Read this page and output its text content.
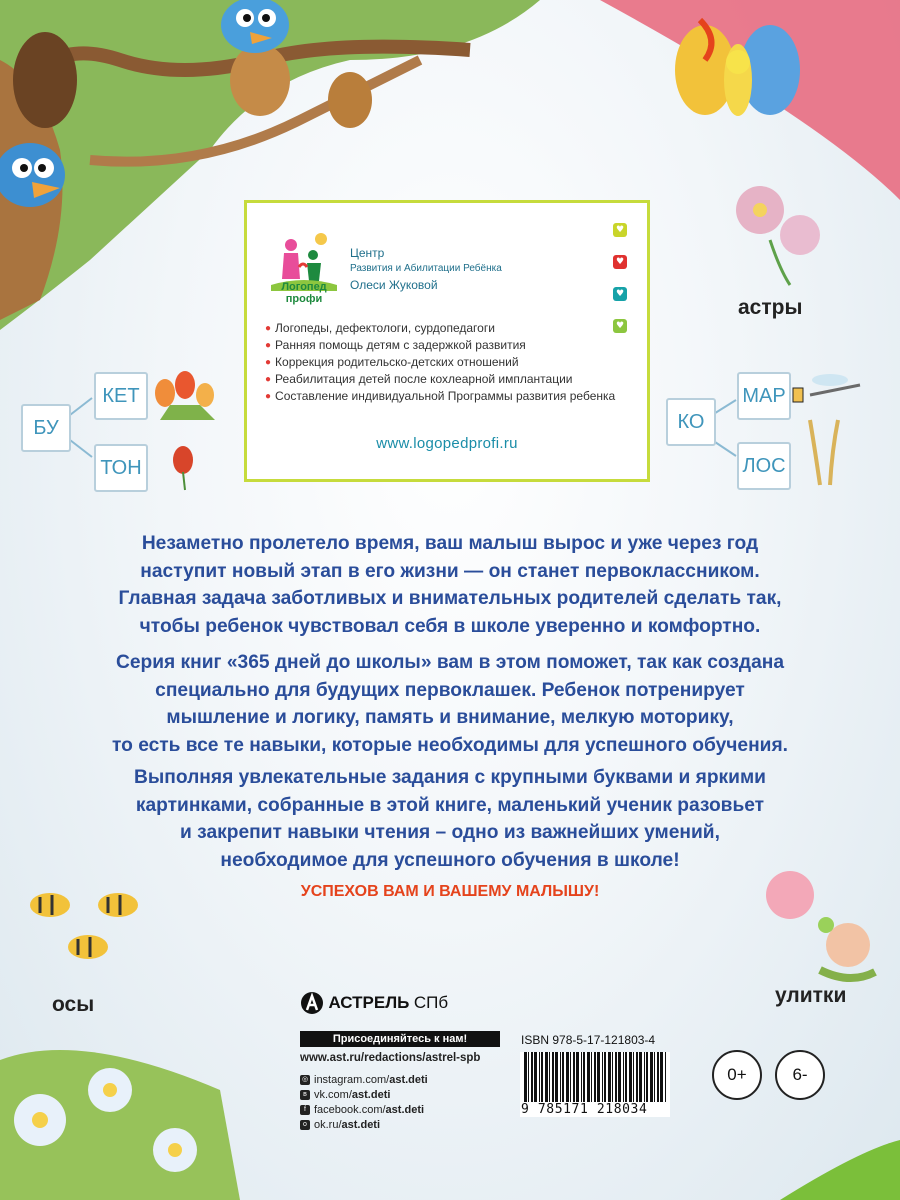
Логопед
профи
Центр
Развития и Абилитации Ребёнка
Олеси Жуковой
♥
♥
♥
♥
● Логопеды, дефектологи, сурдопедагоги
● Ранняя помощь детям с задержкой развития
● Коррекция родительско-детских отношений
● Реабилитация детей после кохлеарной имплантации
● Составление индивидуальной Программы развития ребенка
www.logopedprofi.ru
БУ
КЕТ
ТОН
КО
МАР
ЛОС
астры
осы	улитки
Незаметно пролетело время, ваш малыш вырос и уже через год
наступит новый этап в его жизни — он станет первоклассником.
Главная задача заботливых и внимательных родителей сделать так,
чтобы ребенок чувствовал себя в школе уверенно и комфортно.
Серия книг «365 дней до школы» вам в этом поможет, так как создана
специально для будущих первоклашек. Ребенок потренирует
мышление и логику, память и внимание, мелкую моторику,
то есть все те навыки, которые необходимы для успешного обучения.
Выполняя увлекательные задания с крупными буквами и яркими
картинками, собранные в этой книге, маленький ученик разовьет
и закрепит навыки чтения – одно из важнейших умений,
необходимое для успешного обучения в школе!
УСПЕХОВ ВАМ И ВАШЕМУ МАЛЫШУ!
АСТРЕЛЬ СПб
Присоединяйтесь к нам!
www.ast.ru/redactions/astrel-spb
◎ instagram.com/ ast.deti
в vk.com/ ast.deti
f facebook.com/ ast.deti
o ok.ru/ ast.deti
ISBN 978-5-17-121803-4
9 785171 218034
0+	6-
